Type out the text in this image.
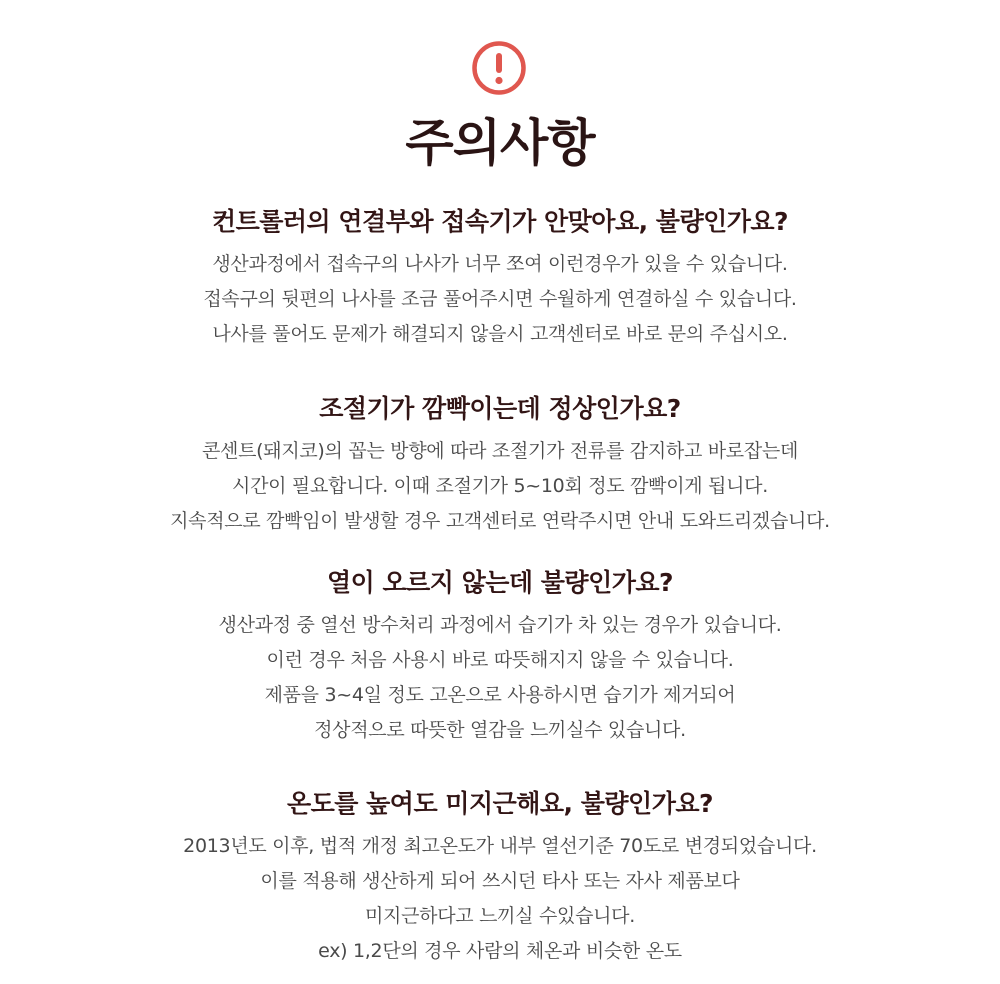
주의사항
컨트롤러의 연결부와 접속기가 안맞아요, 불량인가요?

생산과정에서 접속구의 나사가 너무 쪼여 이런경우가 있을 수 있습니다.
접속구의 뒷편의 나사를 조금 풀어주시면 수월하게 연결하실 수 있습니다.
나사를 풀어도 문제가 해결되지 않을시 고객센터로 바로 문의 주십시오.

조절기가 깜빡이는데 정상인가요?

콘센트(돼지코)의 꼽는 방향에 따라 조절기가 전류를 감지하고 바로잡는데
시간이 필요합니다. 이때 조절기가 5~10회 정도 깜빡이게 됩니다.
지속적으로 깜빡임이 발생할 경우 고객센터로 연락주시면 안내 도와드리겠습니다.

열이 오르지 않는데 불량인가요?

생산과정 중 열선 방수처리 과정에서 습기가 차 있는 경우가 있습니다.
이런 경우 처음 사용시 바로 따뜻해지지 않을 수 있습니다.
제품을 3~4일 정도 고온으로 사용하시면 습기가 제거되어
정상적으로 따뜻한 열감을 느끼실수 있습니다.

온도를 높여도 미지근해요, 불량인가요?

2013년도 이후, 법적 개정 최고온도가 내부 열선기준 70도로 변경되었습니다.
이를 적용해 생산하게 되어 쓰시던 타사 또는 자사 제품보다
미지근하다고 느끼실 수있습니다.
ex) 1,2단의 경우 사람의 체온과 비슷한 온도
